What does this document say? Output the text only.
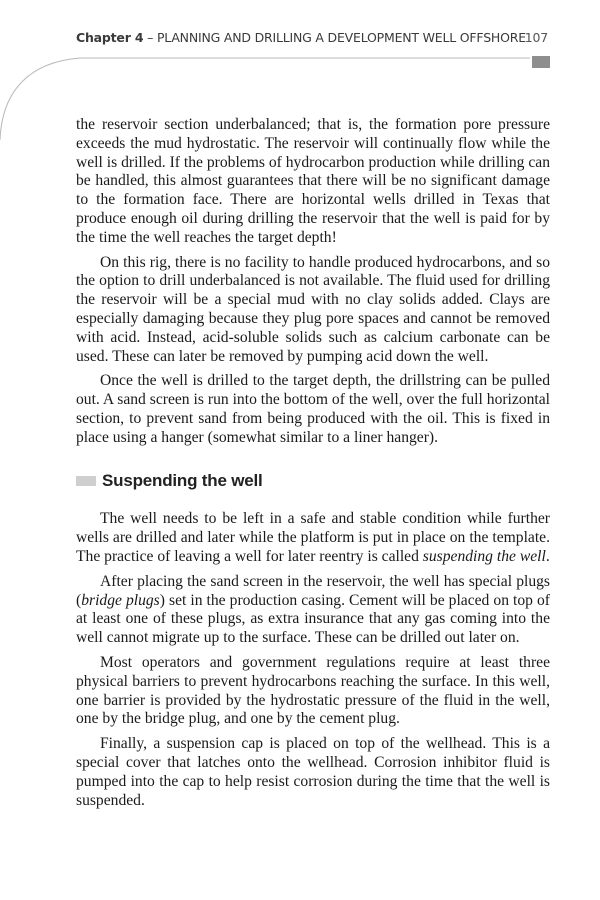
Chapter 4 – PLANNING AND DRILLING A DEVELOPMENT WELL OFFSHORE
107

the reservoir section underbalanced; that is, the formation pore pressure exceeds the mud hydrostatic. The reservoir will continually flow while the well is drilled. If the problems of hydrocarbon production while drilling can be handled, this almost guarantees that there will be no significant damage to the formation face. There are horizontal wells drilled in Texas that produce enough oil during drilling the reservoir that the well is paid for by the time the well reaches the target depth!

On this rig, there is no facility to handle produced hydrocarbons, and so the option to drill underbalanced is not available. The fluid used for drilling the reservoir will be a special mud with no clay solids added. Clays are especially damaging because they plug pore spaces and cannot be removed with acid. Instead, acid-soluble solids such as calcium carbonate can be used. These can later be removed by pumping acid down the well.

Once the well is drilled to the target depth, the drillstring can be pulled out. A sand screen is run into the bottom of the well, over the full horizontal section, to prevent sand from being produced with the oil. This is fixed in place using a hanger (somewhat similar to a liner hanger).

Suspending the well

The well needs to be left in a safe and stable condition while further wells are drilled and later while the platform is put in place on the template. The practice of leaving a well for later reentry is called suspending the well.

After placing the sand screen in the reservoir, the well has special plugs (bridge plugs) set in the production casing. Cement will be placed on top of at least one of these plugs, as extra insurance that any gas coming into the well cannot migrate up to the surface. These can be drilled out later on.

Most operators and government regulations require at least three physical barriers to prevent hydrocarbons reaching the surface. In this well, one barrier is provided by the hydrostatic pressure of the fluid in the well, one by the bridge plug, and one by the cement plug.

Finally, a suspension cap is placed on top of the wellhead. This is a special cover that latches onto the wellhead. Corrosion inhibitor fluid is pumped into the cap to help resist corrosion during the time that the well is suspended.
